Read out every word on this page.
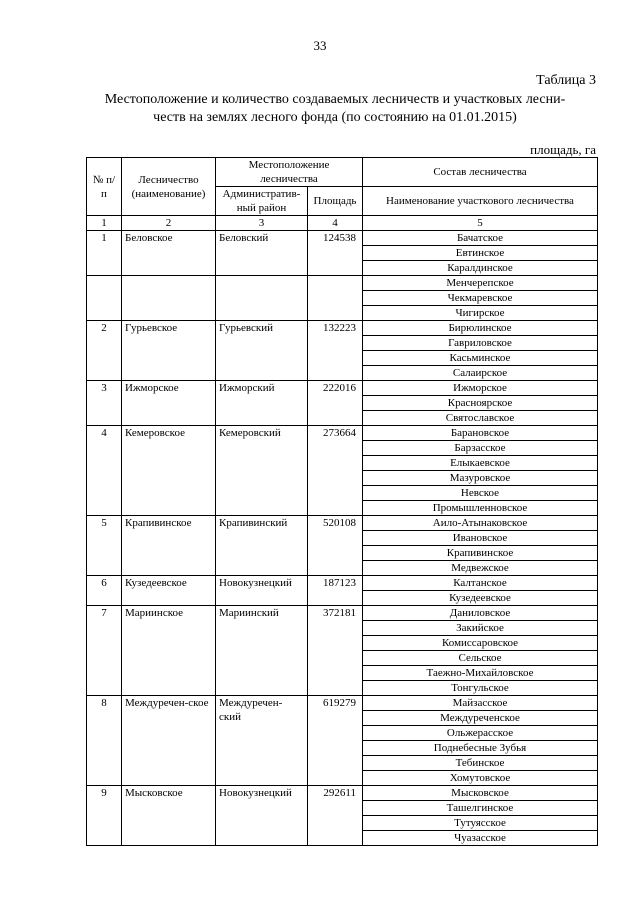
33
Таблица 3
Местоположение и количество создаваемых лесничеств и участковых лесни-
честв на землях лесного фонда (по состоянию на 01.01.2015)
площадь, га
№ п/п	Лесничество (наименование)	Местоположение лесничества		Состав лесничества
		Административ-ный район	Площадь	Наименование участкового лесничества
1	2	3	4	5
1	Беловское	Беловский	124538	Бачатское
				Евтинское
				Каралдинское
				Менчерепское
				Чекмаревское
				Чигирское
2	Гурьевское	Гурьевский	132223	Бирюлинское
				Гавриловское
				Касьминское
				Салаирское
3	Ижморское	Ижморский	222016	Ижморское
				Красноярское
				Святославское
4	Кемеровское	Кемеровский	273664	Барановское
				Барзасское
				Елыкаевское
				Мазуровское
				Невское
				Промышленновское
5	Крапивинское	Крапивинский	520108	Аило-Атынаковское
				Ивановское
				Крапивинское
				Медвежское
6	Кузедеевское	Новокузнецкий	187123	Калтанское
				Кузедеевское
7	Мариинское	Мариинский	372181	Даниловское
				Закийское
				Комиссаровское
				Сельское
				Таежно-Михайловское
				Тонгульское
8	Междуречен-ское	Междуречен-ский	619279	Майзасское
				Междуреченское
				Ольжерасское
				Поднебесные Зубья
				Тебинское
				Хомутовское
9	Мысковское	Новокузнецкий	292611	Мысковское
				Ташелгинское
				Тутуясское
				Чуазасское
